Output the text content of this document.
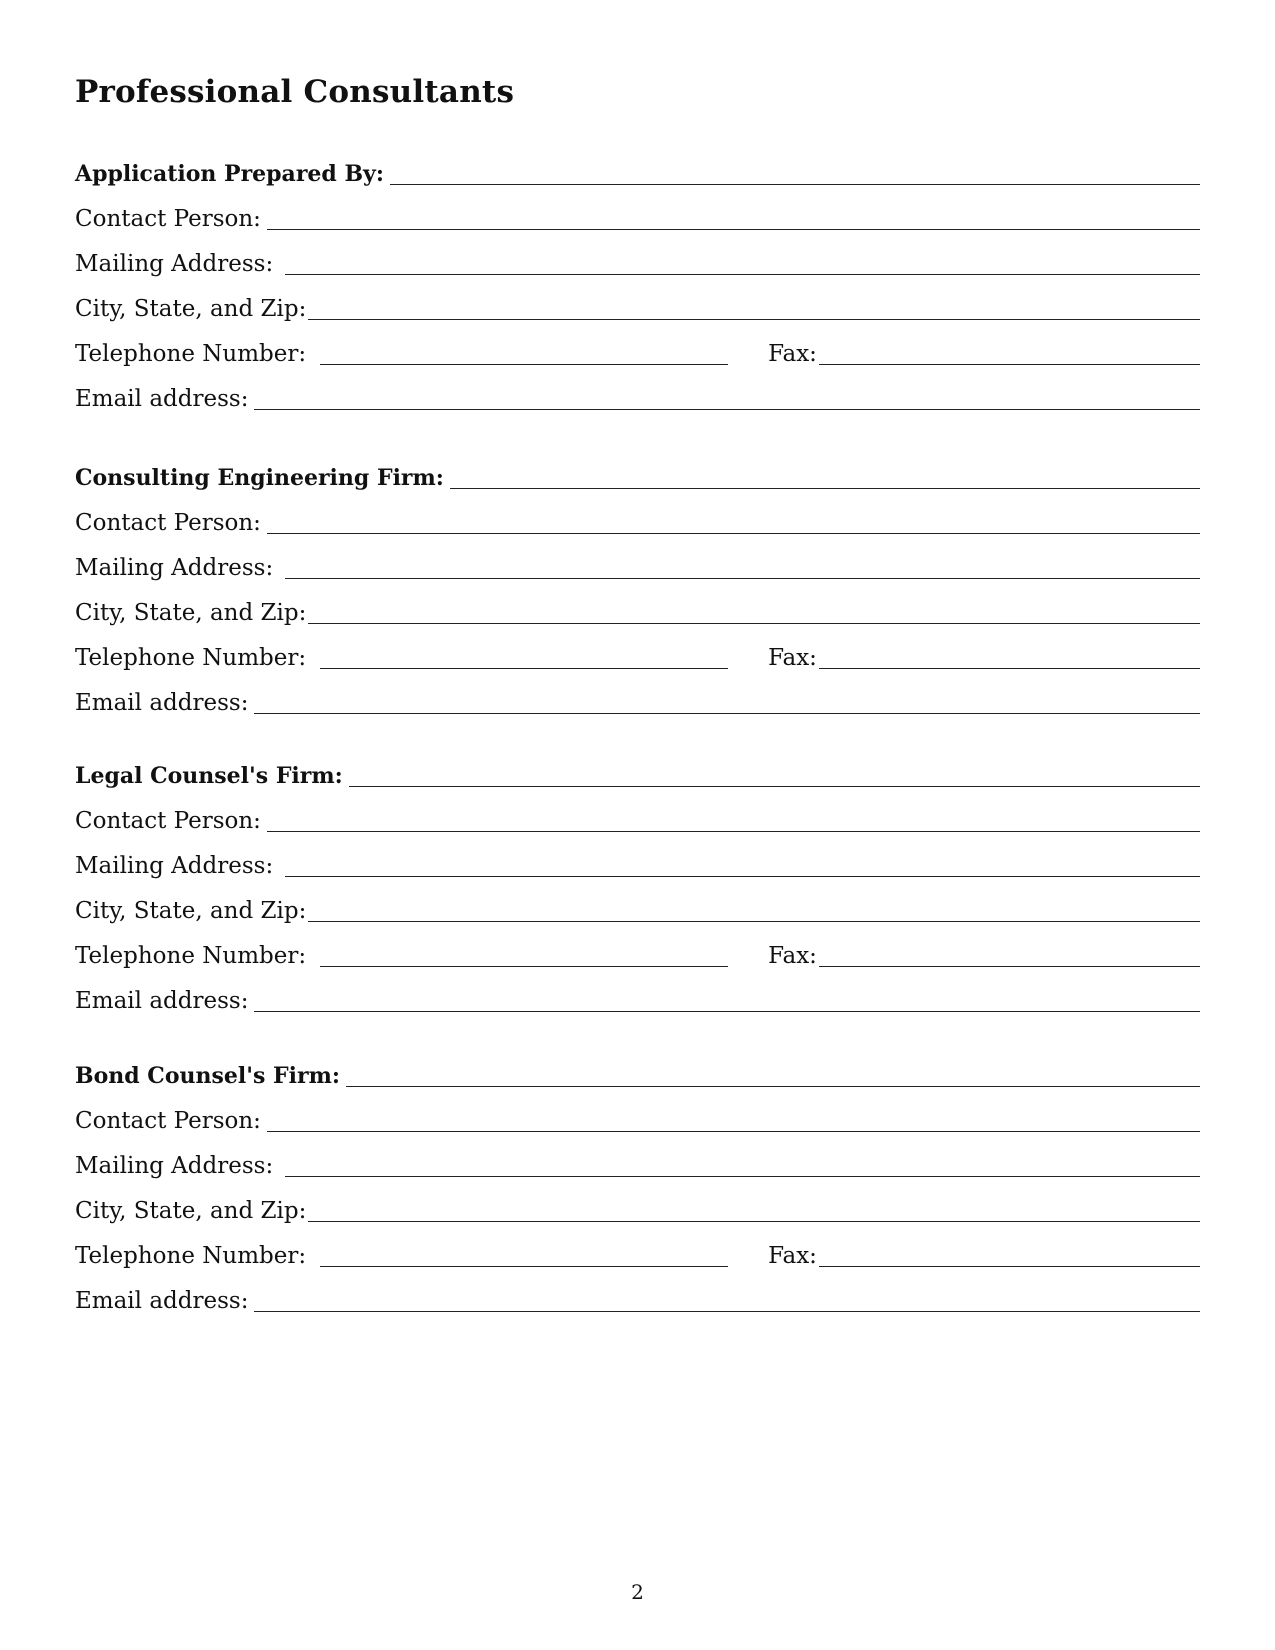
Professional Consultants
Application Prepared By:
Contact Person:
Mailing Address:
City, State, and Zip:
Telephone Number:	Fax:
Email address:
Consulting Engineering Firm:
Contact Person:
Mailing Address:
City, State, and Zip:
Telephone Number:	Fax:
Email address:
Legal Counsel's Firm:
Contact Person:
Mailing Address:
City, State, and Zip:
Telephone Number:	Fax:
Email address:
Bond Counsel's Firm:
Contact Person:
Mailing Address:
City, State, and Zip:
Telephone Number:	Fax:
Email address:
2
